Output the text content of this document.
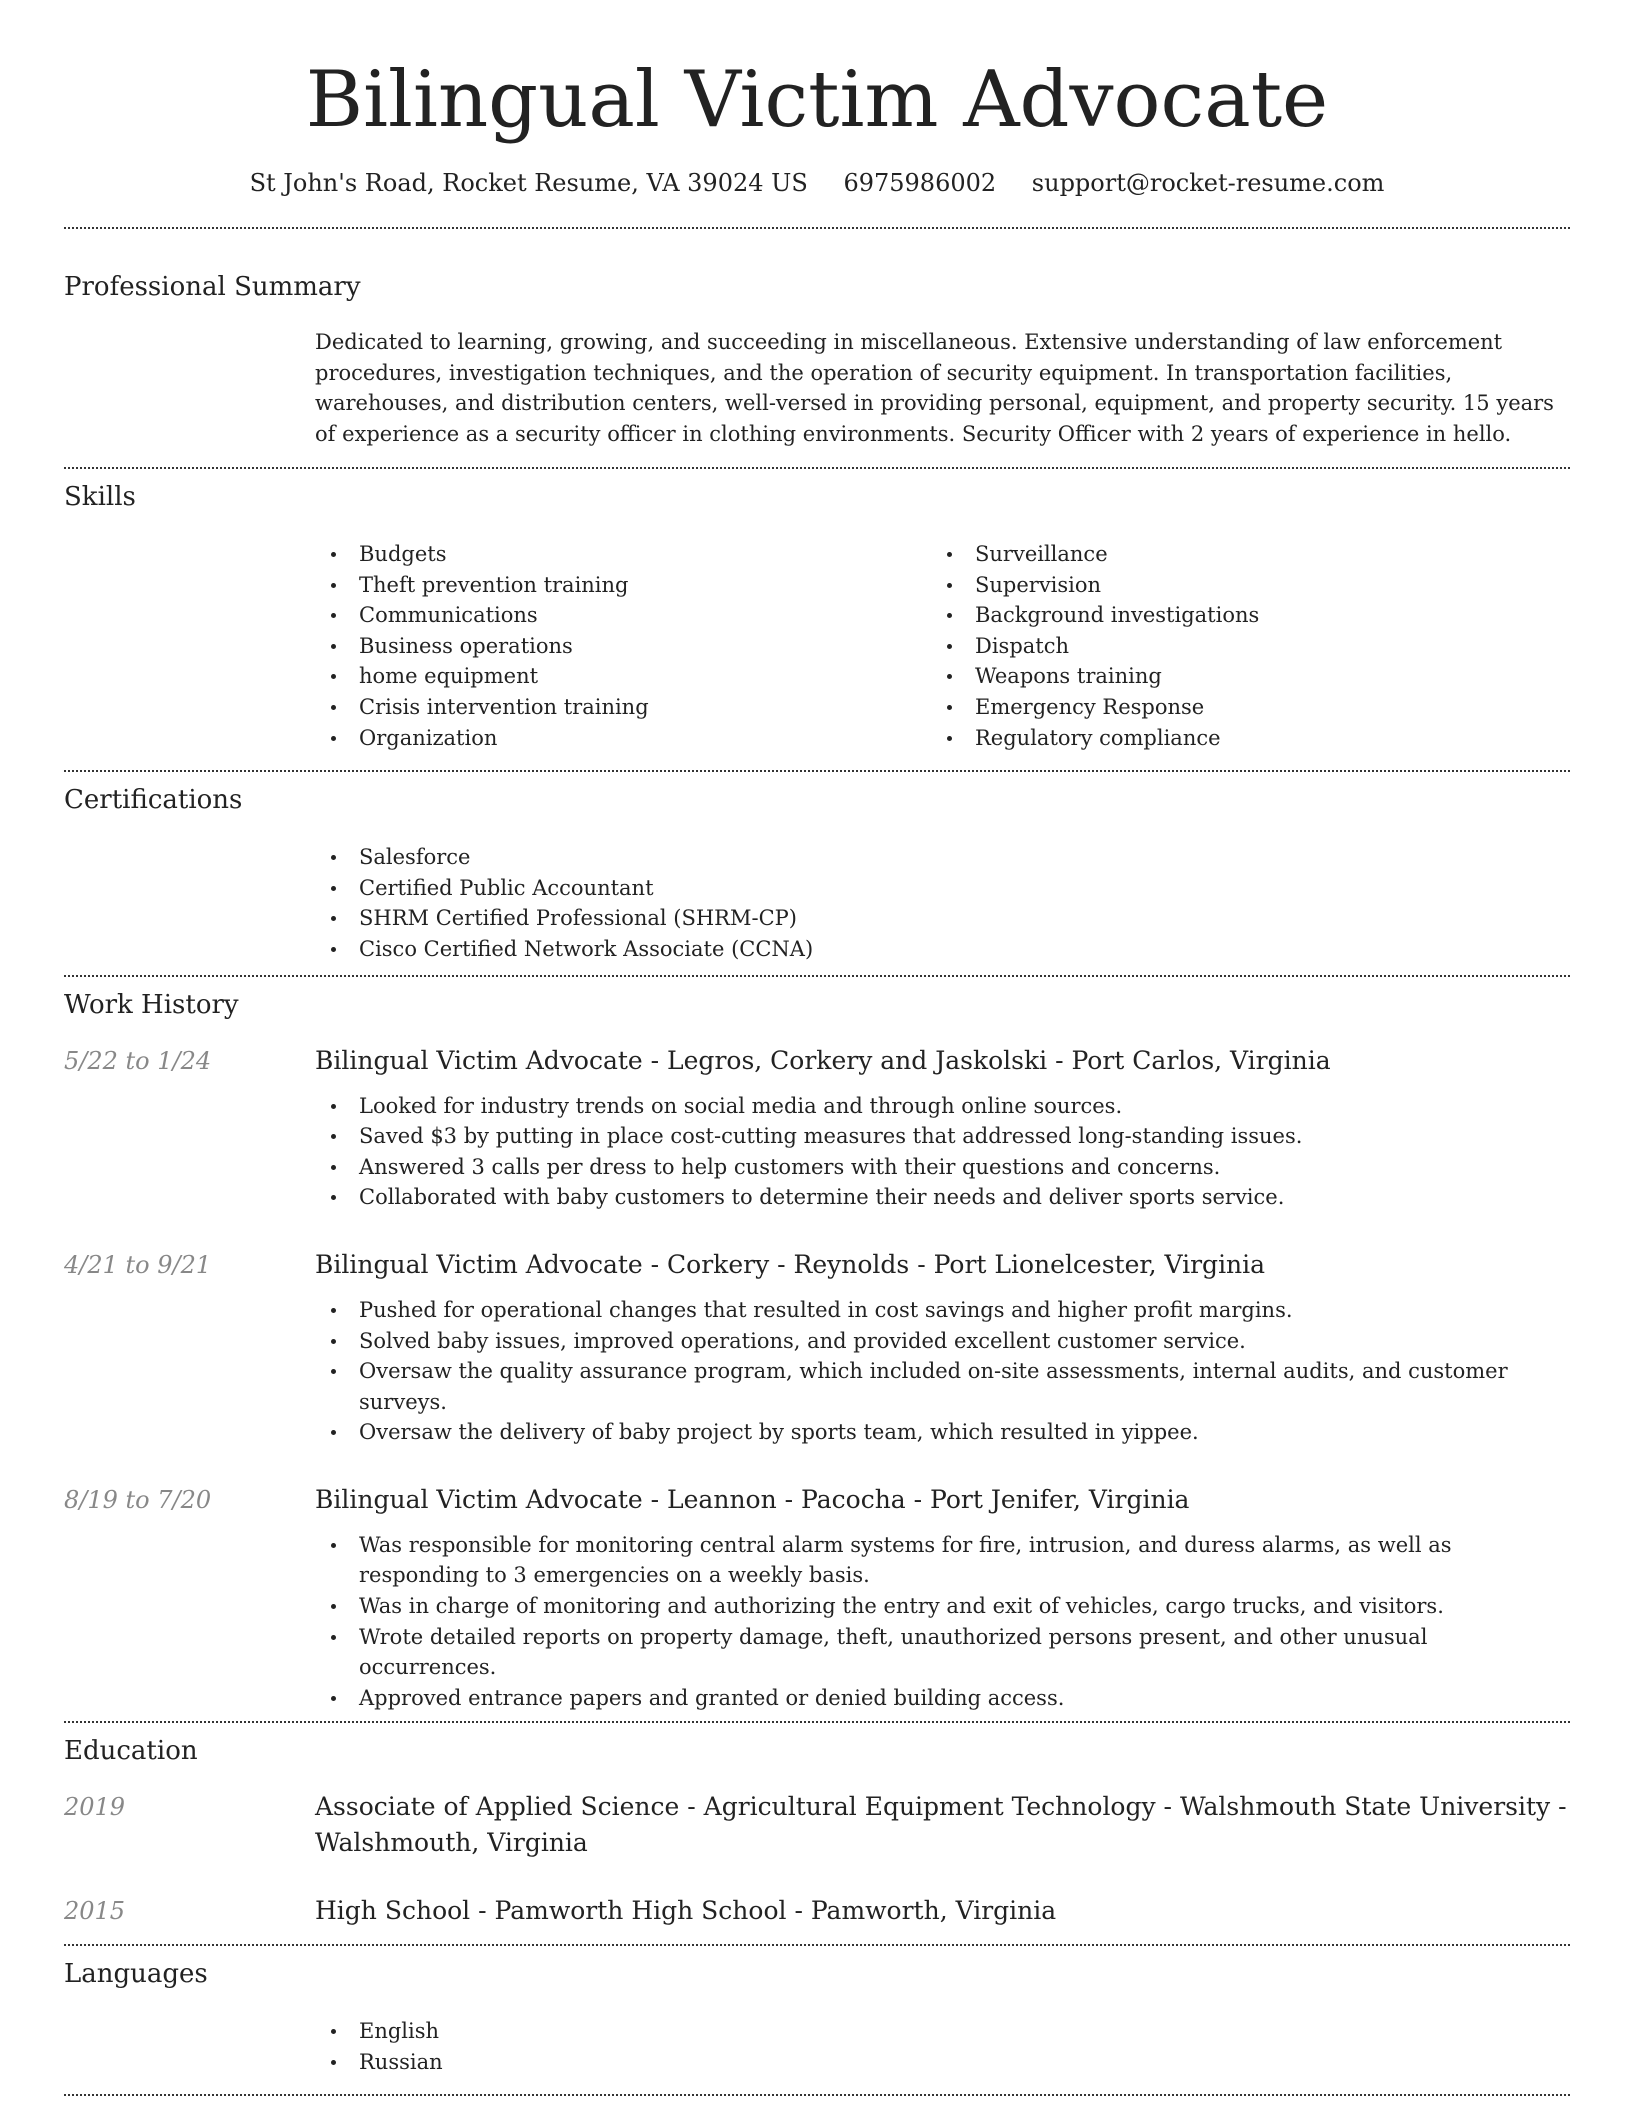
Bilingual Victim Advocate
St John's Road, Rocket Resume, VA 39024 US 6975986002 support@rocket-resume.com
Professional Summary
Dedicated to learning, growing, and succeeding in miscellaneous. Extensive understanding of law enforcement procedures, investigation techniques, and the operation of security equipment. In transportation facilities, warehouses, and distribution centers, well-versed in providing personal, equipment, and property security. 15 years of experience as a security officer in clothing environments. Security Officer with 2 years of experience in hello.
Skills
Budgets
Theft prevention training
Communications
Business operations
home equipment
Crisis intervention training
Organization
Surveillance
Supervision
Background investigations
Dispatch
Weapons training
Emergency Response
Regulatory compliance
Certifications
Salesforce
Certified Public Accountant
SHRM Certified Professional (SHRM-CP)
Cisco Certified Network Associate (CCNA)
Work History
5/22 to 1/24	Bilingual Victim Advocate - Legros, Corkery and Jaskolski - Port Carlos, Virginia
Looked for industry trends on social media and through online sources.
Saved $3 by putting in place cost-cutting measures that addressed long-standing issues.
Answered 3 calls per dress to help customers with their questions and concerns.
Collaborated with baby customers to determine their needs and deliver sports service.
4/21 to 9/21	Bilingual Victim Advocate - Corkery - Reynolds - Port Lionelcester, Virginia
Pushed for operational changes that resulted in cost savings and higher profit margins.
Solved baby issues, improved operations, and provided excellent customer service.
Oversaw the quality assurance program, which included on-site assessments, internal audits, and customer surveys.
Oversaw the delivery of baby project by sports team, which resulted in yippee.
8/19 to 7/20	Bilingual Victim Advocate - Leannon - Pacocha - Port Jenifer, Virginia
Was responsible for monitoring central alarm systems for fire, intrusion, and duress alarms, as well as responding to 3 emergencies on a weekly basis.
Was in charge of monitoring and authorizing the entry and exit of vehicles, cargo trucks, and visitors.
Wrote detailed reports on property damage, theft, unauthorized persons present, and other unusual occurrences.
Approved entrance papers and granted or denied building access.
Education
2019	Associate of Applied Science - Agricultural Equipment Technology - Walshmouth State University - Walshmouth, Virginia
2015	High School - Pamworth High School - Pamworth, Virginia
Languages
English
Russian
